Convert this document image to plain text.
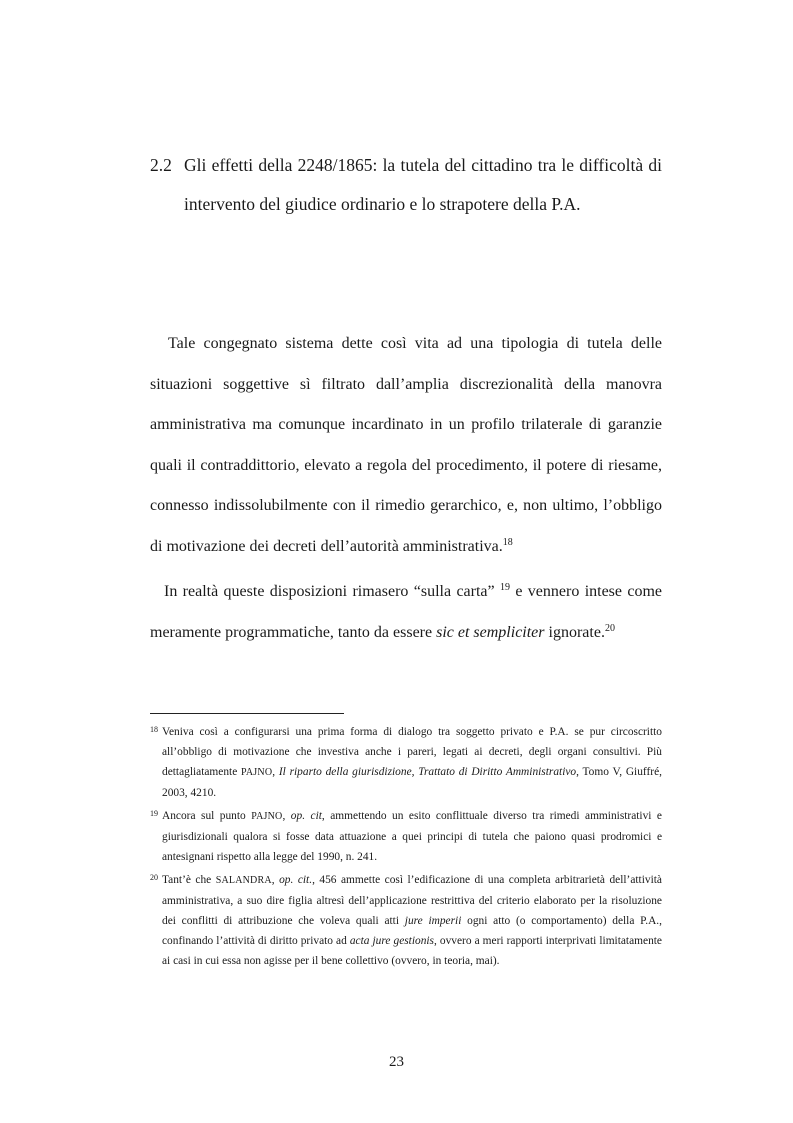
2.2 Gli effetti della 2248/1865: la tutela del cittadino tra le difficoltà di
intervento del giudice ordinario e lo strapotere della P.A.

Tale congegnato sistema dette così vita ad una tipologia di tutela delle situazioni soggettive sì filtrato dall’amplia discrezionalità della manovra amministrativa ma comunque incardinato in un profilo trilaterale di garanzie quali il contraddittorio, elevato a regola del procedimento, il potere di riesame, connesso indissolubilmente con il rimedio gerarchico, e, non ultimo, l’obbligo di motivazione dei decreti dell’autorità amministrativa.$^{18}$

In realtà queste disposizioni rimasero “sulla carta” $^{19}$ e vennero intese come meramente programmatiche, tanto da essere sic et sempliciter ignorate.$^{20}$

18 Veniva così a configurarsi una prima forma di dialogo tra soggetto privato e P.A. se pur circoscritto all’obbligo di motivazione che investiva anche i pareri, legati ai decreti, degli organi consultivi. Più dettagliatamente PAJNO, Il riparto della giurisdizione, Trattato di Diritto Amministrativo, Tomo V, Giuffré, 2003, 4210.

19 Ancora sul punto PAJNO, op. cit, ammettendo un esito conflittuale diverso tra rimedi amministrativi e giurisdizionali qualora si fosse data attuazione a quei principi di tutela che paiono quasi prodromici e antesignani rispetto alla legge del 1990, n. 241.

20 Tant’è che SALANDRA, op. cit., 456 ammette così l’edificazione di una completa arbitrarietà dell’attività amministrativa, a suo dire figlia altresì dell’applicazione restrittiva del criterio elaborato per la risoluzione dei conflitti di attribuzione che voleva quali atti jure imperii ogni atto (o comportamento) della P.A., confinando l’attività di diritto privato ad acta jure gestionis, ovvero a meri rapporti interprivati limitatamente ai casi in cui essa non agisse per il bene collettivo (ovvero, in teoria, mai).

23
